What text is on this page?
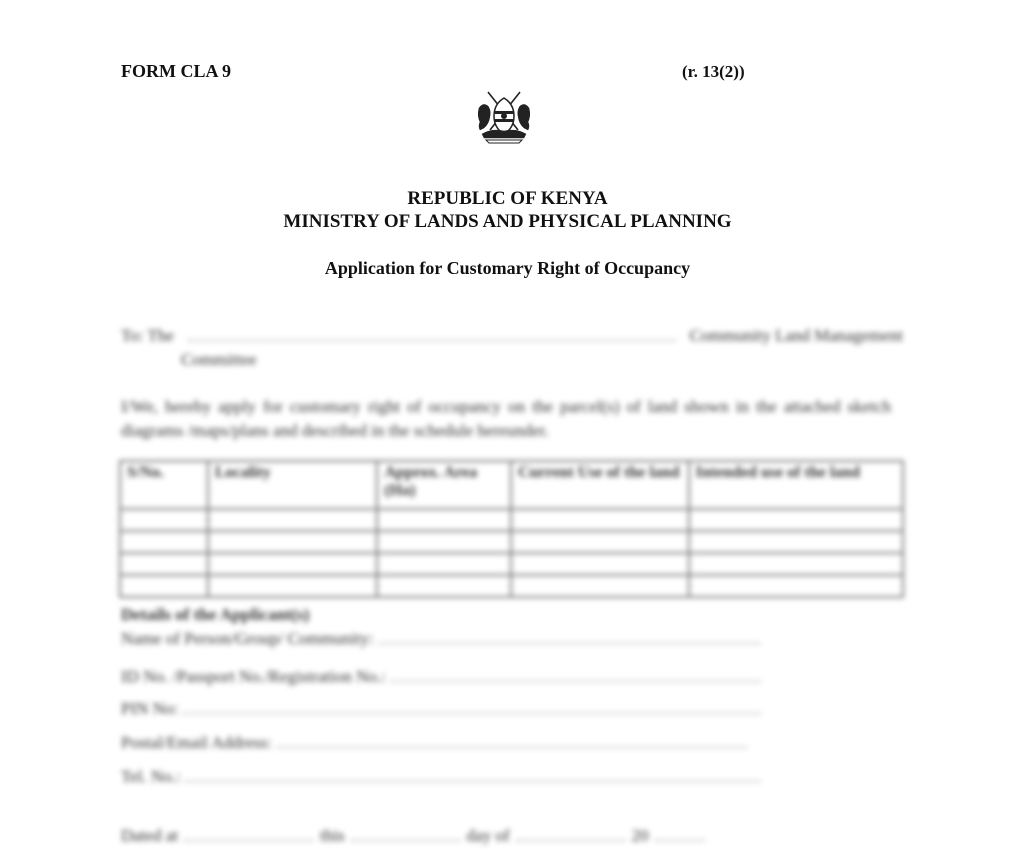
FORM CLA 9	(r. 13(2))
REPUBLIC OF KENYA
MINISTRY OF LANDS AND PHYSICAL PLANNING
Application for Customary Right of Occupancy
To: The	Community Land Management
Committee
I/We, hereby apply for customary right of occupancy on the parcel(s) of land shown in the attached sketch diagrams /maps/plans and described in the schedule hereunder.
S/No.	Locality	Approx. Area (Ha)	Current Use of the land	Intended use of the land

Details of the Applicant(s)
Name of Person/Group/ Community:
ID No. /Passport No./Registration No.:
PIN No:
Postal/Email Address:
Tel. No.:
Dated at	this	day of	20
